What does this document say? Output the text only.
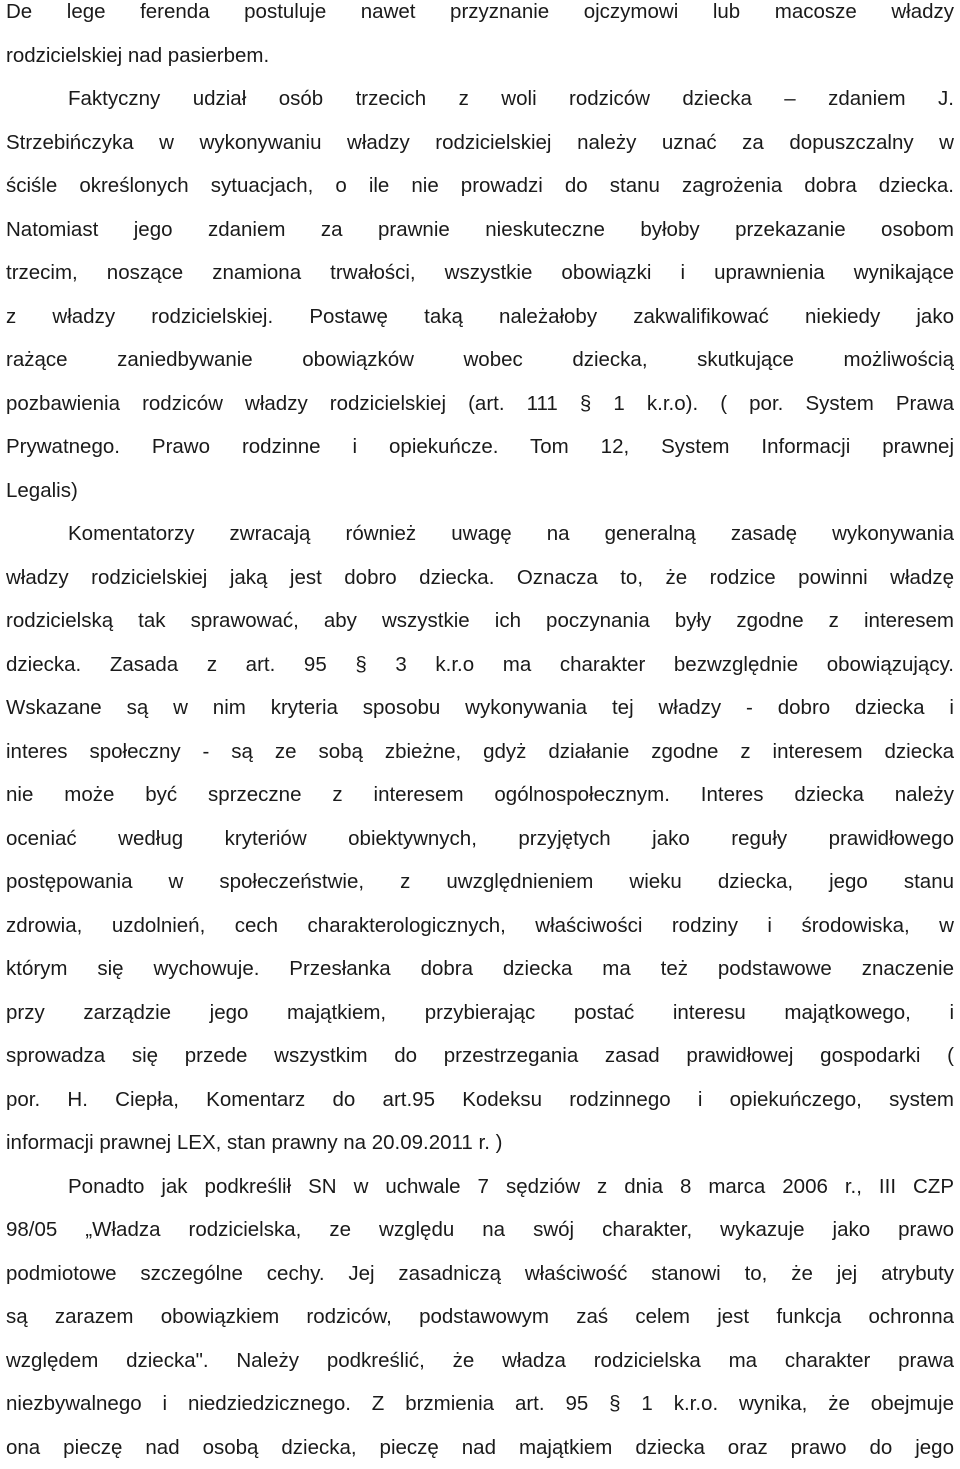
De lege ferenda postuluje nawet przyznanie ojczymowi lub macosze władzy
rodzicielskiej nad pasierbem.
Faktyczny udział osób trzecich z woli rodziców dziecka – zdaniem J.
Strzebińczyka w wykonywaniu władzy rodzicielskiej należy uznać za dopuszczalny w
ściśle określonych sytuacjach, o ile nie prowadzi do stanu zagrożenia dobra dziecka.
Natomiast jego zdaniem za prawnie nieskuteczne byłoby przekazanie osobom
trzecim, noszące znamiona trwałości, wszystkie obowiązki i uprawnienia wynikające
z władzy rodzicielskiej. Postawę taką należałoby zakwalifikować niekiedy jako
rażące zaniedbywanie obowiązków wobec dziecka, skutkujące możliwością
pozbawienia rodziców władzy rodzicielskiej (art. 111 § 1 k.r.o). ( por. System Prawa
Prywatnego. Prawo rodzinne i opiekuńcze. Tom 12, System Informacji prawnej
Legalis)
Komentatorzy zwracają również uwagę na generalną zasadę wykonywania
władzy rodzicielskiej jaką jest dobro dziecka. Oznacza to, że rodzice powinni władzę
rodzicielską tak sprawować, aby wszystkie ich poczynania były zgodne z interesem
dziecka. Zasada z art. 95 § 3 k.r.o ma charakter bezwzględnie obowiązujący.
Wskazane są w nim kryteria sposobu wykonywania tej władzy - dobro dziecka i
interes społeczny - są ze sobą zbieżne, gdyż działanie zgodne z interesem dziecka
nie może być sprzeczne z interesem ogólnospołecznym. Interes dziecka należy
oceniać według kryteriów obiektywnych, przyjętych jako reguły prawidłowego
postępowania w społeczeństwie, z uwzględnieniem wieku dziecka, jego stanu
zdrowia, uzdolnień, cech charakterologicznych, właściwości rodziny i środowiska, w
którym się wychowuje. Przesłanka dobra dziecka ma też podstawowe znaczenie
przy zarządzie jego majątkiem, przybierając postać interesu majątkowego, i
sprowadza się przede wszystkim do przestrzegania zasad prawidłowej gospodarki (
por. H. Ciepła, Komentarz do art.95 Kodeksu rodzinnego i opiekuńczego, system
informacji prawnej LEX, stan prawny na 20.09.2011 r. )
Ponadto jak podkreślił SN w uchwale 7 sędziów z dnia 8 marca 2006 r., III CZP
98/05 „Władza rodzicielska, ze względu na swój charakter, wykazuje jako prawo
podmiotowe szczególne cechy. Jej zasadniczą właściwość stanowi to, że jej atrybuty
są zarazem obowiązkiem rodziców, podstawowym zaś celem jest funkcja ochronna
względem dziecka". Należy podkreślić, że władza rodzicielska ma charakter prawa
niezbywalnego i niedziedzicznego. Z brzmienia art. 95 § 1 k.r.o. wynika, że obejmuje
ona pieczę nad osobą dziecka, pieczę nad majątkiem dziecka oraz prawo do jego
